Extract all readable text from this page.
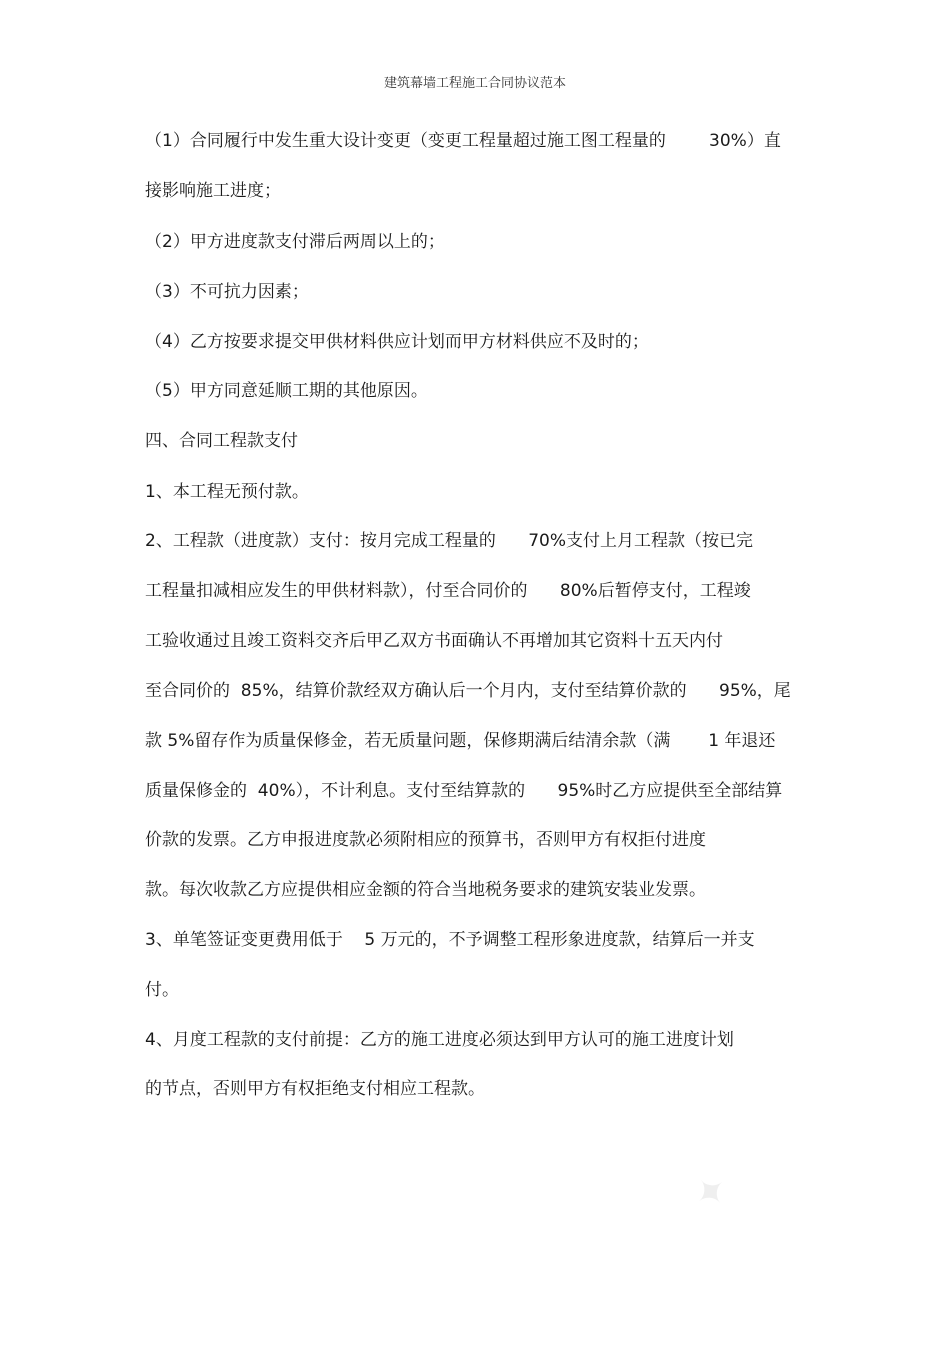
建筑幕墙工程施工合同协议范本
（1）合同履行中发生重大设计变更（变更工程量超过施工图工程量的        30%）直
接影响施工进度；
（2）甲方进度款支付滞后两周以上的；
（3）不可抗力因素；
（4）乙方按要求提交甲供材料供应计划而甲方材料供应不及时的；
（5）甲方同意延顺工期的其他原因。
四、合同工程款支付
1、本工程无预付款。
2、工程款（进度款）支付：按月完成工程量的      70%支付上月工程款（按已完
工程量扣减相应发生的甲供材料款），付至合同价的      80%后暂停支付，工程竣
工验收通过且竣工资料交齐后甲乙双方书面确认不再增加其它资料十五天内付
至合同价的  85%，结算价款经双方确认后一个月内，支付至结算价款的      95%，尾
款 5%留存作为质量保修金，若无质量问题，保修期满后结清余款（满       1 年退还
质量保修金的  40%），不计利息。支付至结算款的      95%时乙方应提供至全部结算
价款的发票。乙方申报进度款必须附相应的预算书，否则甲方有权拒付进度
款。每次收款乙方应提供相应金额的符合当地税务要求的建筑安装业发票。
3、单笔签证变更费用低于    5 万元的，不予调整工程形象进度款，结算后一并支
付。
4、月度工程款的支付前提：乙方的施工进度必须达到甲方认可的施工进度计划
的节点，否则甲方有权拒绝支付相应工程款。
✦
